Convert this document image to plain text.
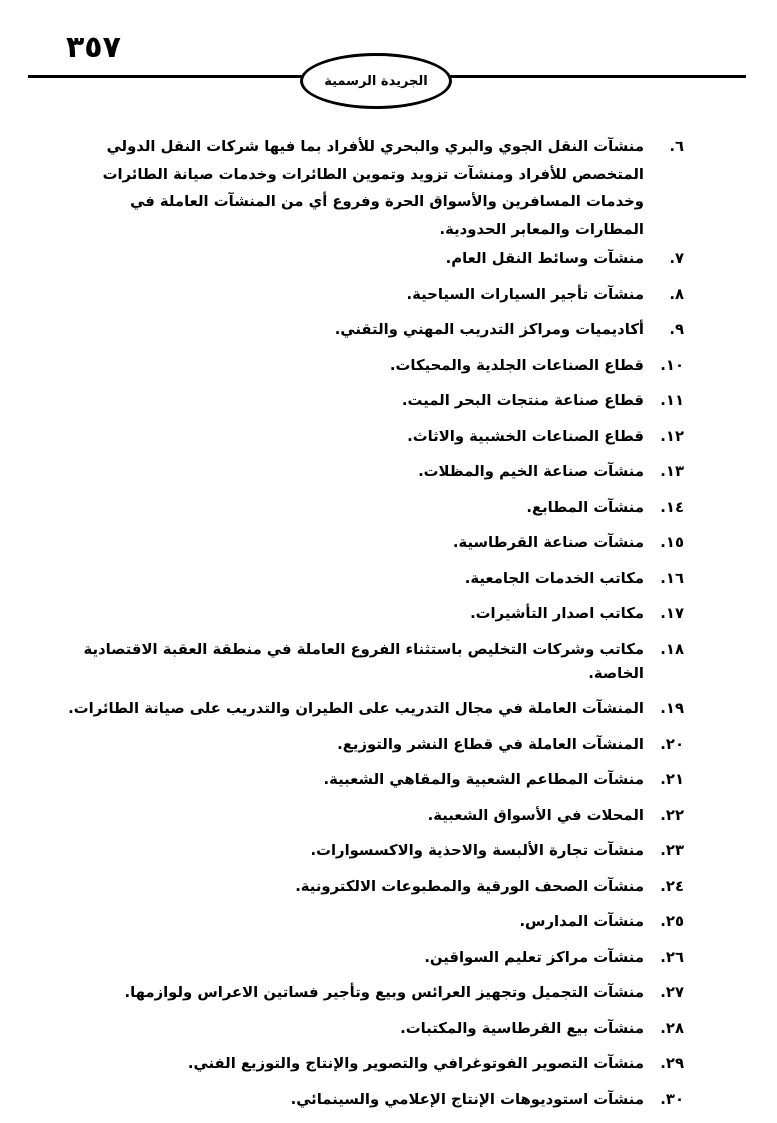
٣٥٧
الجريدة الرسمية
٦.
منشآت النقل الجوي والبري والبحري للأفراد بما فيها شركات النقل الدولي المتخصص للأفراد ومنشآت تزويد وتموين الطائرات وخدمات صيانة الطائرات وخدمات المسافرين والأسواق الحرة وفروع أي من المنشآت العاملة في المطارات والمعابر الحدودية.
٧.
منشآت وسائط النقل العام.
٨.
منشآت تأجير السيارات السياحية.
٩.
أكاديميات ومراكز التدريب المهني والتقني.
١٠.
قطاع الصناعات الجلدية والمحيكات.
١١.
قطاع صناعة منتجات البحر الميت.
١٢.
قطاع الصناعات الخشبية والاثاث.
١٣.
منشآت صناعة الخيم والمظلات.
١٤.
منشآت المطابع.
١٥.
منشآت صناعة القرطاسية.
١٦.
مكاتب الخدمات الجامعية.
١٧.
مكاتب اصدار التأشيرات.
١٨.
مكاتب وشركات التخليص باستثناء الفروع العاملة في منطقة العقبة الاقتصادية الخاصة.
١٩.
المنشآت العاملة في مجال التدريب على الطيران والتدريب على صيانة الطائرات.
٢٠.
المنشآت العاملة في قطاع النشر والتوزيع.
٢١.
منشآت المطاعم الشعبية والمقاهي الشعبية.
٢٢.
المحلات في الأسواق الشعبية.
٢٣.
منشآت تجارة الألبسة والاحذية والاكسسوارات.
٢٤.
منشآت الصحف الورقية والمطبوعات الالكترونية.
٢٥.
منشآت المدارس.
٢٦.
منشآت مراكز تعليم السواقين.
٢٧.
منشآت التجميل وتجهيز العرائس وبيع وتأجير فساتين الاعراس ولوازمها.
٢٨.
منشآت بيع القرطاسية والمكتبات.
٢٩.
منشآت التصوير الفوتوغرافي والتصوير والإنتاج والتوزيع الفني.
٣٠.
منشآت استوديوهات الإنتاج الإعلامي والسينمائي.
